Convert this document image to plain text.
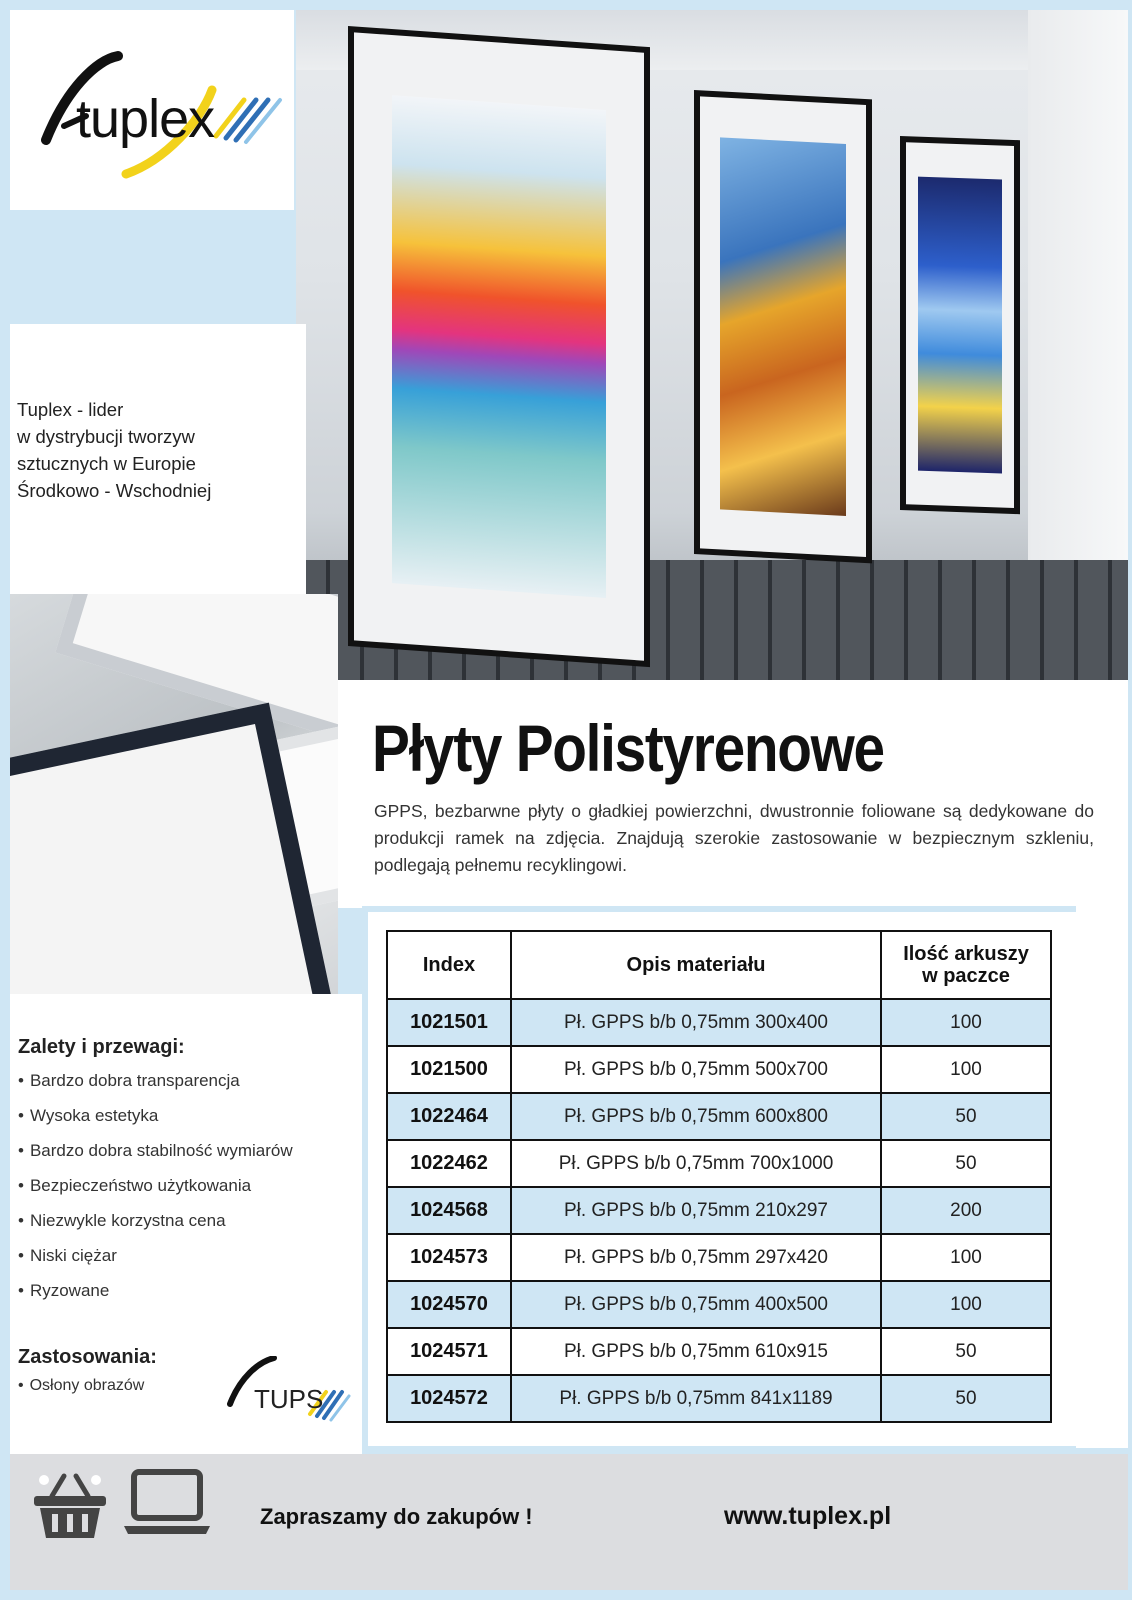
tuplex

Tuplex - lider
w dystrybucji tworzyw
sztucznych w Europie
Środkowo - Wschodniej

Płyty Polistyrenowe

GPPS, bezbarwne płyty o gładkiej powierzchni, dwustronnie foliowane są dedykowane do produkcji ramek na zdjęcia. Znajdują szerokie zastosowanie w bezpiecznym szkleniu, podlegają pełnemu recyklingowi.

Zalety i przewagi:
• Bardzo dobra transparencja
• Wysoka estetyka
• Bardzo dobra stabilność wymiarów
• Bezpieczeństwo użytkowania
• Niezwykle korzystna cena
• Niski ciężar
• Ryzowane
Zastosowania:
• Osłony obrazów	TUPS
Index	Opis materiału	Ilość arkuszy
w paczce
1021501	Pł. GPPS b/b 0,75mm 300x400	100
1021500	Pł. GPPS b/b 0,75mm 500x700	100
1022464	Pł. GPPS b/b 0,75mm 600x800	50
1022462	Pł. GPPS b/b 0,75mm 700x1000	50
1024568	Pł. GPPS b/b 0,75mm 210x297	200
1024573	Pł. GPPS b/b 0,75mm 297x420	100
1024570	Pł. GPPS b/b 0,75mm 400x500	100
1024571	Pł. GPPS b/b 0,75mm 610x915	50
1024572	Pł. GPPS b/b 0,75mm 841x1189	50
Zapraszamy do zakupów !	www.tuplex.pl
